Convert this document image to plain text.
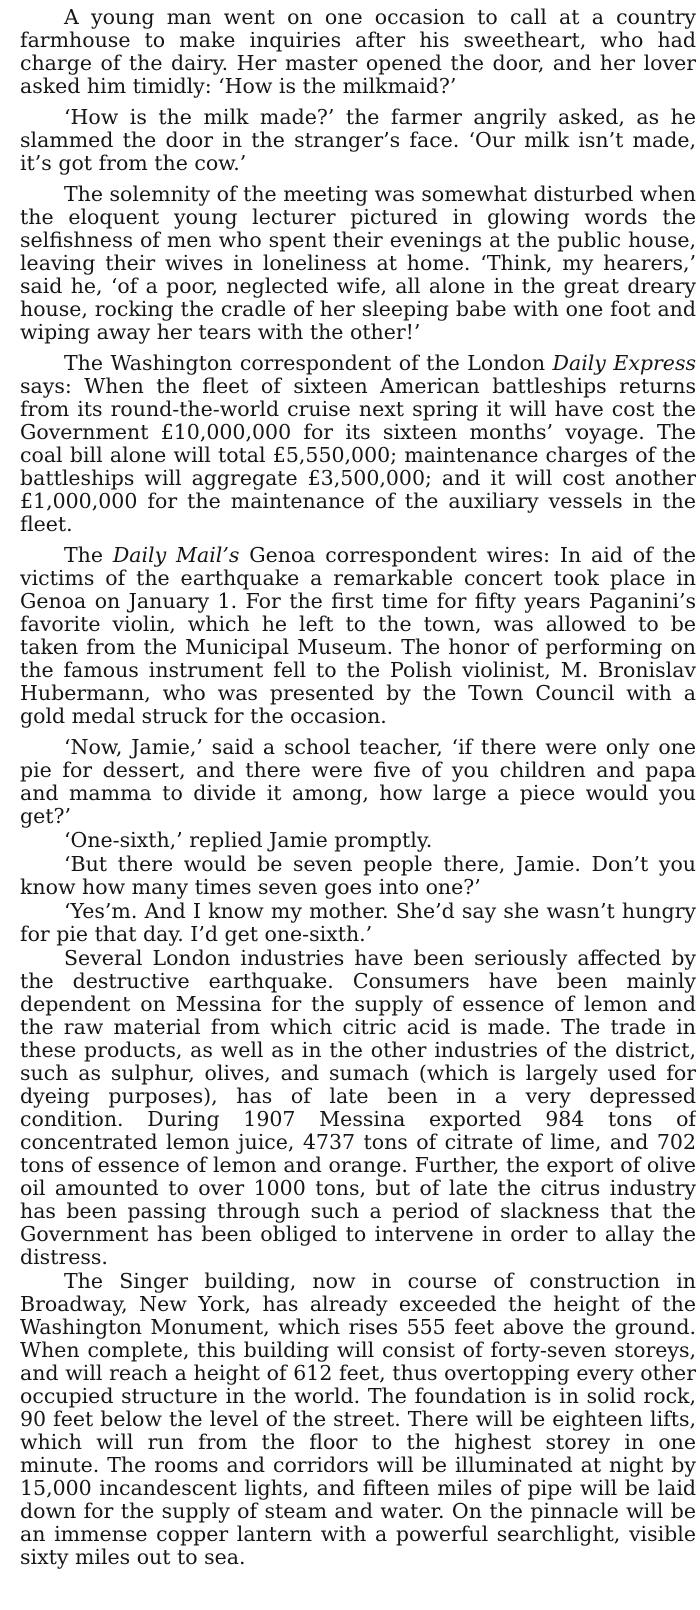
A young man went on one occasion to call at a country farmhouse to make inquiries after his sweetheart, who had charge of the dairy. Her master opened the door, and her lover asked him timidly: ‘How is the milkmaid?’

‘How is the milk made?’ the farmer angrily asked, as he slammed the door in the stranger’s face. ‘Our milk isn’t made, it’s got from the cow.’

The solemnity of the meeting was somewhat disturbed when the eloquent young lecturer pictured in glowing words the selfishness of men who spent their evenings at the public house, leaving their wives in loneliness at home. ‘Think, my hearers,’ said he, ‘of a poor, neglected wife, all alone in the great dreary house, rocking the cradle of her sleeping babe with one foot and wiping away her tears with the other!’

The Washington correspondent of the London Daily Express says: When the fleet of sixteen American battleships returns from its round-the-world cruise next spring it will have cost the Government £10,000,000 for its sixteen months’ voyage. The coal bill alone will total £5,550,000; maintenance charges of the battleships will aggregate £3,500,000; and it will cost another £1,000,000 for the maintenance of the auxiliary vessels in the fleet.

The Daily Mail’s Genoa correspondent wires: In aid of the victims of the earthquake a remarkable concert took place in Genoa on January 1. For the first time for fifty years Paganini’s favorite violin, which he left to the town, was allowed to be taken from the Municipal Museum. The honor of performing on the famous instrument fell to the Polish violinist, M. Bronislav Hubermann, who was presented by the Town Council with a gold medal struck for the occasion.

‘Now, Jamie,’ said a school teacher, ‘if there were only one pie for dessert, and there were five of you children and papa and mamma to divide it among, how large a piece would you get?’

‘One-sixth,’ replied Jamie promptly.

‘But there would be seven people there, Jamie. Don’t you know how many times seven goes into one?’

‘Yes’m. And I know my mother. She’d say she wasn’t hungry for pie that day. I’d get one-sixth.’

Several London industries have been seriously affected by the destructive earthquake. Consumers have been mainly dependent on Messina for the supply of essence of lemon and the raw material from which citric acid is made. The trade in these products, as well as in the other industries of the district, such as sulphur, olives, and sumach (which is largely used for dyeing purposes), has of late been in a very depressed condition. During 1907 Messina exported 984 tons of concentrated lemon juice, 4737 tons of citrate of lime, and 702 tons of essence of lemon and orange. Further, the export of olive oil amounted to over 1000 tons, but of late the citrus industry has been passing through such a period of slackness that the Government has been obliged to intervene in order to allay the distress.

The Singer building, now in course of construction in Broadway, New York, has already exceeded the height of the Washington Monument, which rises 555 feet above the ground. When complete, this building will consist of forty-seven storeys, and will reach a height of 612 feet, thus overtopping every other occupied structure in the world. The foundation is in solid rock, 90 feet below the level of the street. There will be eighteen lifts, which will run from the floor to the highest storey in one minute. The rooms and corridors will be illuminated at night by 15,000 incandescent lights, and fifteen miles of pipe will be laid down for the supply of steam and water. On the pinnacle will be an immense copper lantern with a powerful searchlight, visible sixty miles out to sea.
